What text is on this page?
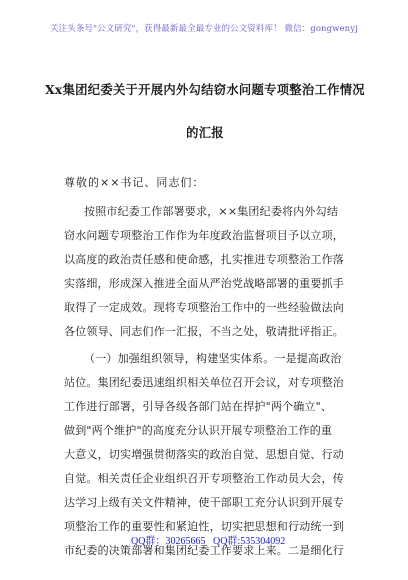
关注头条号"公文研究"，获得最新最全最专业的公文资料库！ 微信：gongwenyj
Xx集团纪委关于开展内外勾结窃水问题专项整治工作情况
的汇报
尊敬的××书记、同志们：
按照市纪委工作部署要求，××集团纪委将内外勾结
窃水问题专项整治工作作为年度政治监督项目予以立项，
以高度的政治责任感和使命感，扎实推进专项整治工作落
实落细，形成深入推进全面从严治党战略部署的重要抓手
取得了一定成效。现将专项整治工作中的一些经验做法向
各位领导、同志们作一汇报，不当之处，敬请批评指正。
（一）加强组织领导，构建坚实体系。一是提高政治
站位。集团纪委迅速组织相关单位召开会议，对专项整治
工作进行部署，引导各级各部门站在捍护"两个确立"、
做到"两个维护"的高度充分认识开展专项整治工作的重
大意义，切实增强贯彻落实的政治自觉、思想自觉、行动
自觉。相关责任企业组织召开专项整治工作动员大会，传
达学习上级有关文件精神，使干部职工充分认识到开展专
项整治工作的重要性和紧迫性，切实把思想和行动统一到
市纪委的决策部署和集团纪委工作要求上来。二是细化行
QQ群：30265665 QQ群:535304092
